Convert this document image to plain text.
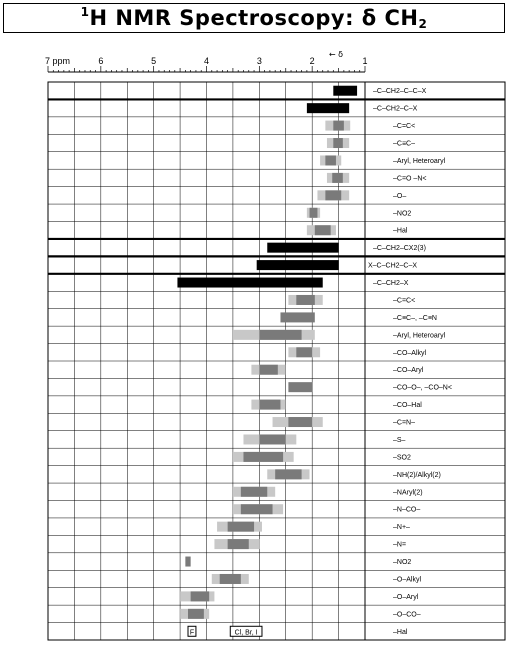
$^1$H NMR Spectroscopy: δ $CH_2$
7 ppm	6	5	4	3	2	1
← δ
F	Cl, Br, I
–C–CH2–C–C–X
–C–CH2–C–X
–C=C<
–C≡C–
–Aryl, Heteroaryl
–C=O –N<
–O–
–NO2
–Hal
–C–CH2–CX2(3)
X–C–CH2–C–X
–C–CH2–X
–C=C<
–C≡C–, –C≡N
–Aryl, Heteroaryl
–CO–Alkyl
–CO–Aryl
–CO–O–, –CO–N<
–CO–Hal
–C=N–
–S–
–SO2
–NH(2)/Alkyl(2)
–NAryl(2)
–N–CO–
–N+–
–N=
–NO2
–O–Alkyl
–O–Aryl
–O–CO–
–Hal
